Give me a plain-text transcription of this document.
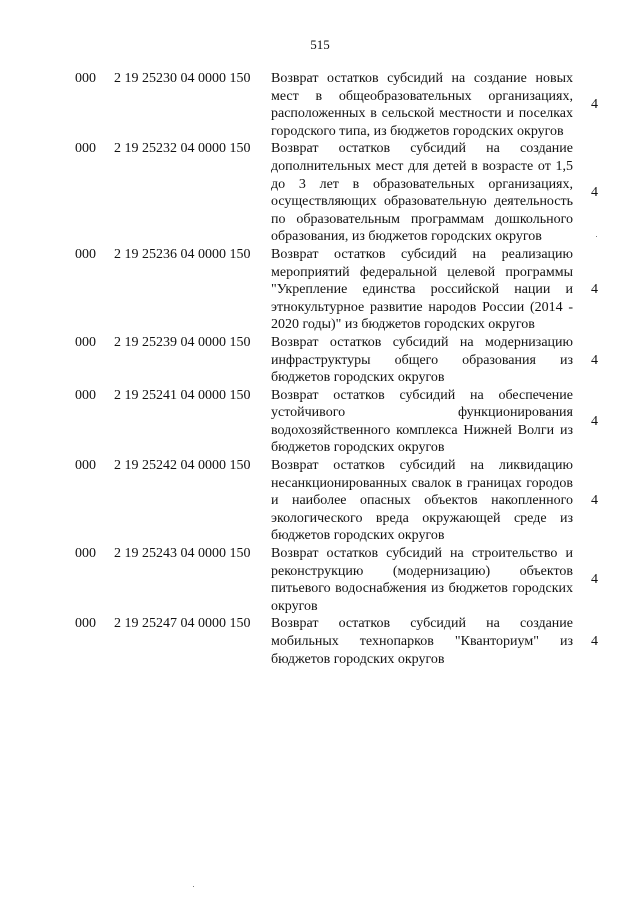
515
000 2 19 25230 04 0000 150 Возврат остатков субсидий на создание новых мест в общеобразовательных организациях, расположенных в сельской местности и поселках городского типа, из бюджетов городских округов
4
000 2 19 25232 04 0000 150 Возврат остатков субсидий на создание дополнительных мест для детей в возрасте от 1,5 до 3 лет в образовательных организациях, осуществляющих образовательную деятельность по образовательным программам дошкольного образования, из бюджетов городских округов
4
000 2 19 25236 04 0000 150 Возврат остатков субсидий на реализацию мероприятий федеральной целевой программы "Укрепление единства российской нации и этнокультурное развитие народов России (2014 - 2020 годы)" из бюджетов городских округов
4
000 2 19 25239 04 0000 150 Возврат остатков субсидий на модернизацию инфраструктуры общего образования из бюджетов городских округов
4
000 2 19 25241 04 0000 150 Возврат остатков субсидий на обеспечение устойчивого функционирования водохозяйственного комплекса Нижней Волги из бюджетов городских округов
4
000 2 19 25242 04 0000 150 Возврат остатков субсидий на ликвидацию несанкционированных свалок в границах городов и наиболее опасных объектов накопленного экологического вреда окружающей среде из бюджетов городских округов
4
000 2 19 25243 04 0000 150 Возврат остатков субсидий на строительство и реконструкцию (модернизацию) объектов питьевого водоснабжения из бюджетов городских округов
4
000 2 19 25247 04 0000 150 Возврат остатков субсидий на создание мобильных технопарков "Кванториум" из бюджетов городских округов
4
